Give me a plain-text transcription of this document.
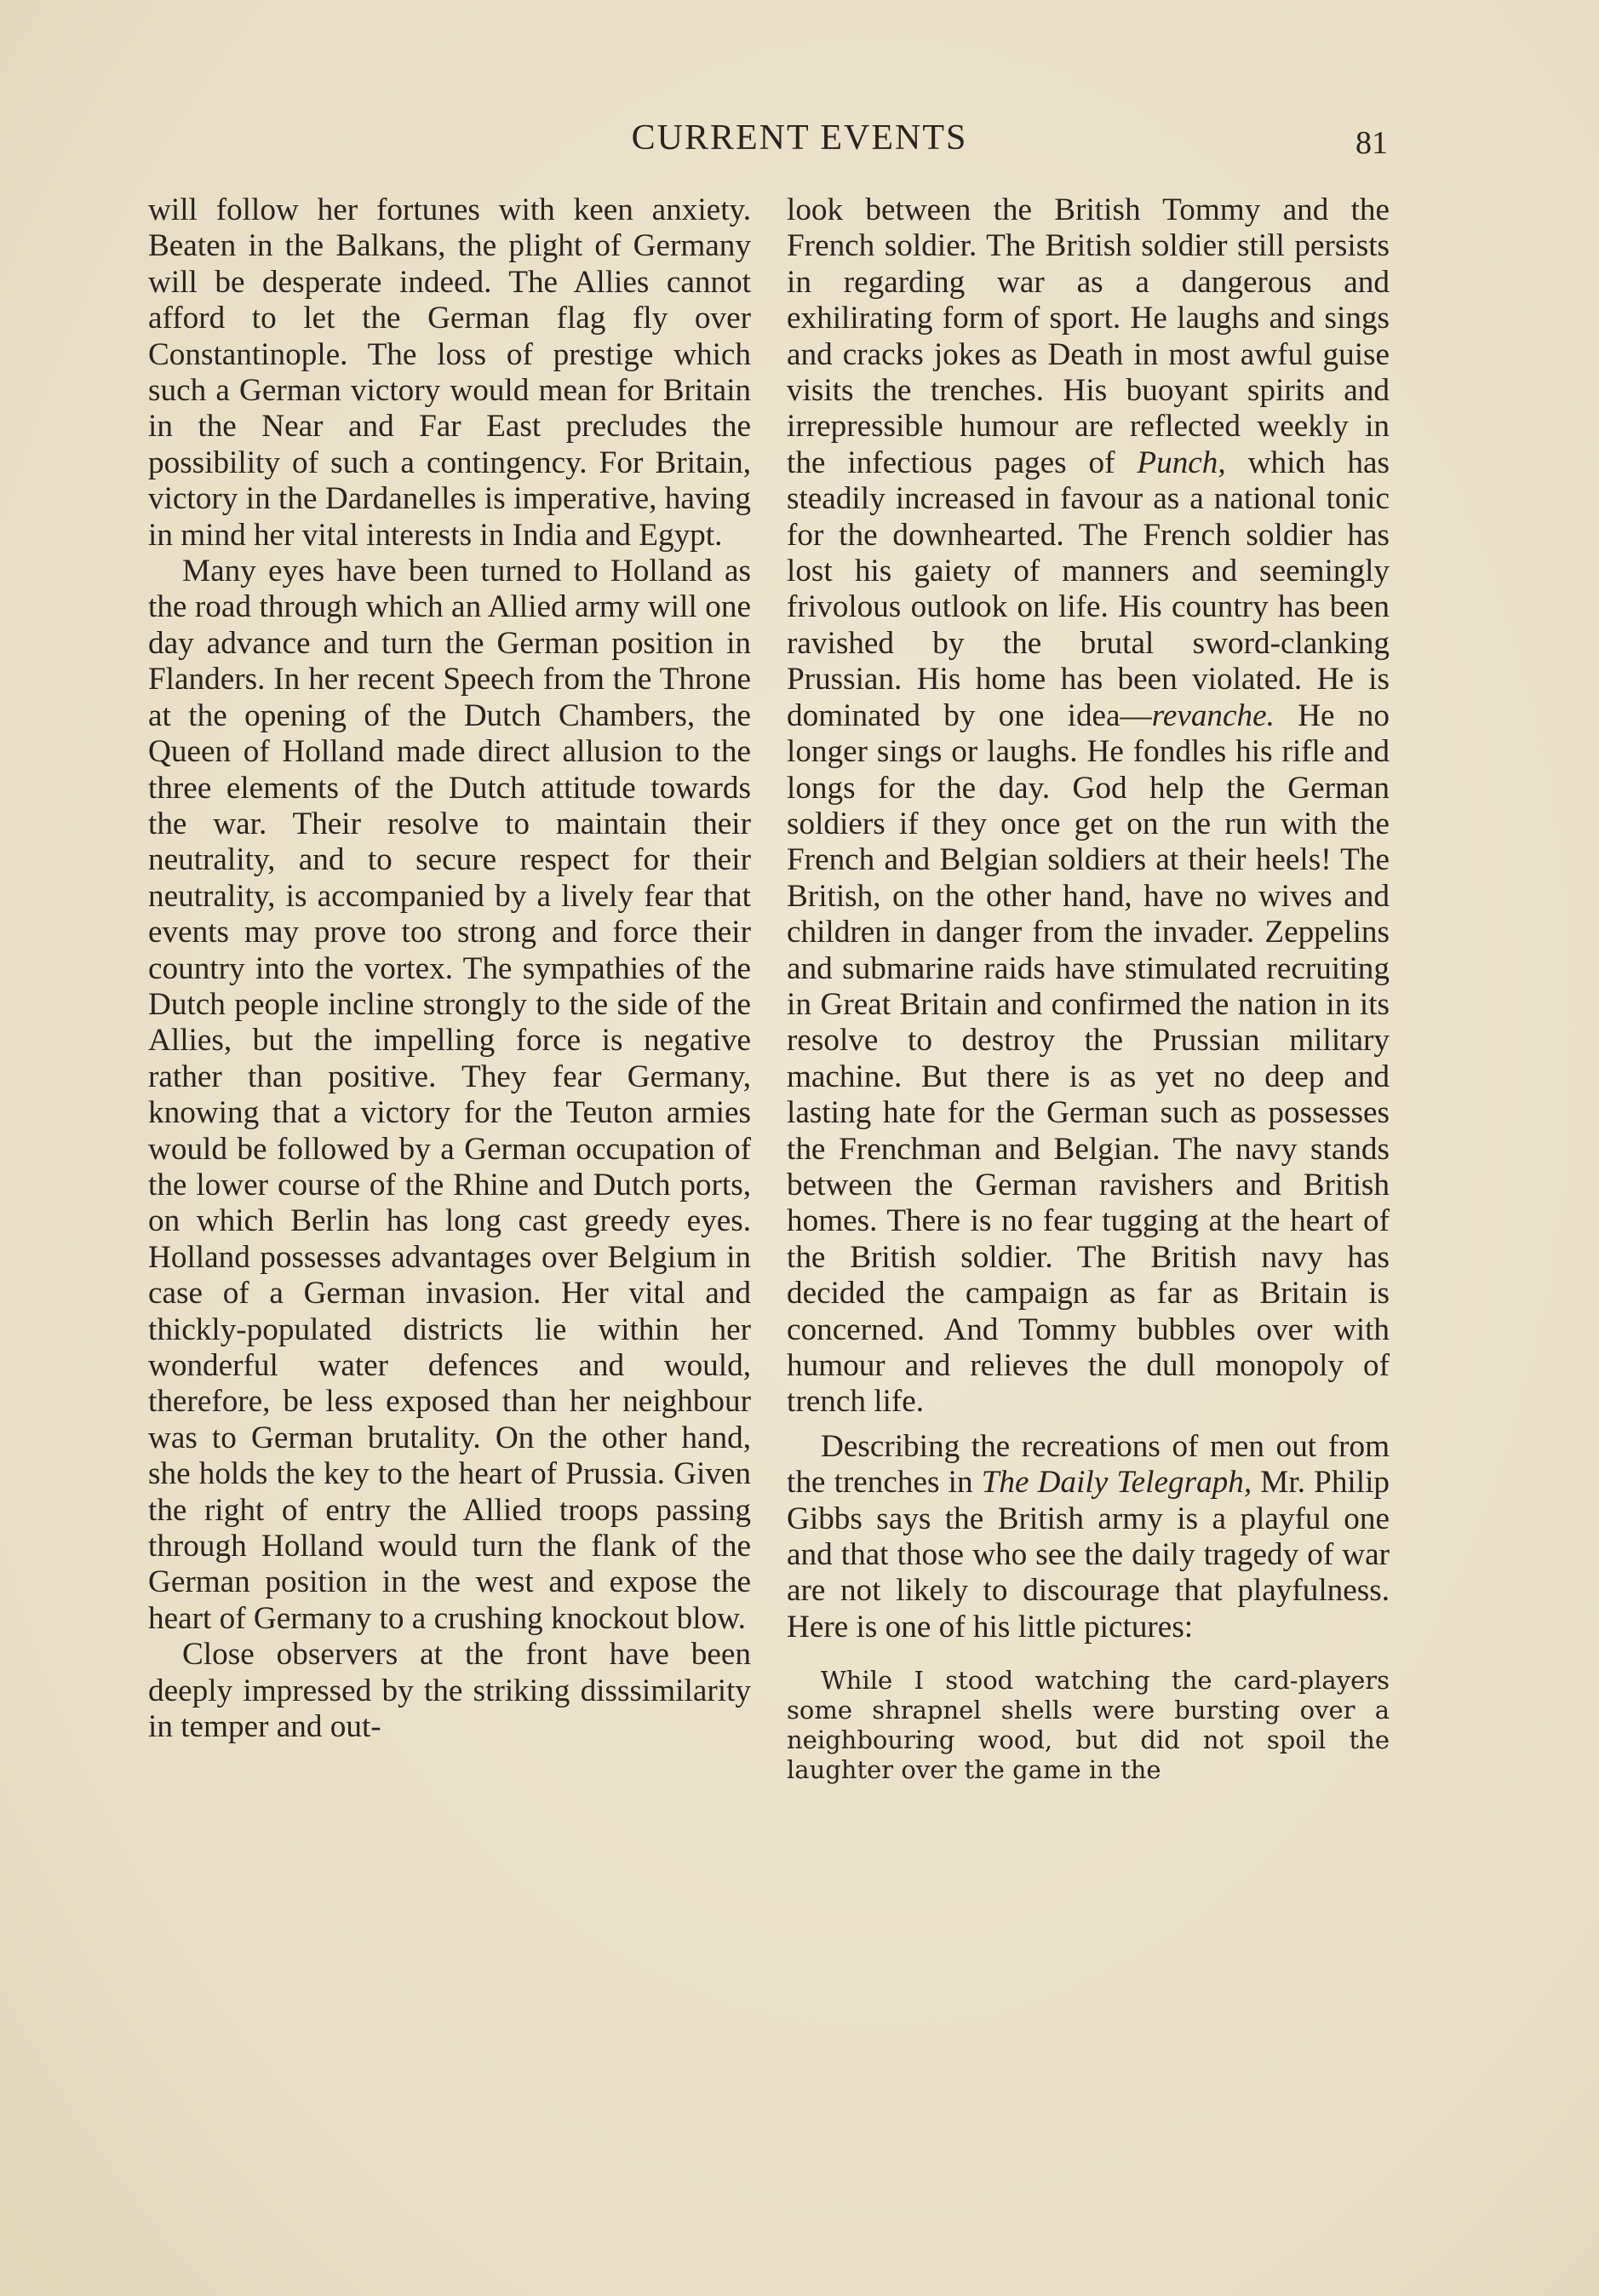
CURRENT EVENTS	81

will follow her fortunes with keen anxiety. Beaten in the Balkans, the plight of Germany will be desperate indeed. The Allies cannot afford to let the German flag fly over Constantinople. The loss of prestige which such a German victory would mean for Britain in the Near and Far East precludes the possibility of such a contingency. For Britain, victory in the Dardanelles is imperative, having in mind her vital interests in India and Egypt.

Many eyes have been turned to Holland as the road through which an Allied army will one day advance and turn the German position in Flanders. In her recent Speech from the Throne at the opening of the Dutch Chambers, the Queen of Holland made direct allusion to the three elements of the Dutch attitude towards the war. Their resolve to maintain their neutrality, and to secure respect for their neutrality, is accompanied by a lively fear that events may prove too strong and force their country into the vortex. The sympathies of the Dutch people incline strongly to the side of the Allies, but the impelling force is negative rather than positive. They fear Germany, knowing that a victory for the Teuton armies would be followed by a German occupation of the lower course of the Rhine and Dutch ports, on which Berlin has long cast greedy eyes. Holland possesses advantages over Belgium in case of a German invasion. Her vital and thickly-populated districts lie within her wonderful water defences and would, therefore, be less exposed than her neighbour was to German brutality. On the other hand, she holds the key to the heart of Prussia. Given the right of entry the Allied troops passing through Holland would turn the flank of the German position in the west and expose the heart of Germany to a crushing knockout blow.

Close observers at the front have been deeply impressed by the striking disssimilarity in temper and out-

look between the British Tommy and the French soldier. The British soldier still persists in regarding war as a dangerous and exhilirating form of sport. He laughs and sings and cracks jokes as Death in most awful guise visits the trenches. His buoyant spirits and irrepressible humour are reflected weekly in the infectious pages of Punch, which has steadily increased in favour as a national tonic for the downhearted. The French soldier has lost his gaiety of manners and seemingly frivolous outlook on life. His country has been ravished by the brutal sword-clanking Prussian. His home has been violated. He is dominated by one idea—revanche. He no longer sings or laughs. He fondles his rifle and longs for the day. God help the German soldiers if they once get on the run with the French and Belgian soldiers at their heels! The British, on the other hand, have no wives and children in danger from the invader. Zeppelins and submarine raids have stimulated recruiting in Great Britain and confirmed the nation in its resolve to destroy the Prussian military machine. But there is as yet no deep and lasting hate for the German such as possesses the Frenchman and Belgian. The navy stands between the German ravishers and British homes. There is no fear tugging at the heart of the British soldier. The British navy has decided the campaign as far as Britain is concerned. And Tommy bubbles over with humour and relieves the dull monopoly of trench life.

Describing the recreations of men out from the trenches in The Daily Telegraph, Mr. Philip Gibbs says the British army is a playful one and that those who see the daily tragedy of war are not likely to discourage that playfulness. Here is one of his little pictures:

While I stood watching the card-players some shrapnel shells were bursting over a neighbouring wood, but did not spoil the laughter over the game in the
